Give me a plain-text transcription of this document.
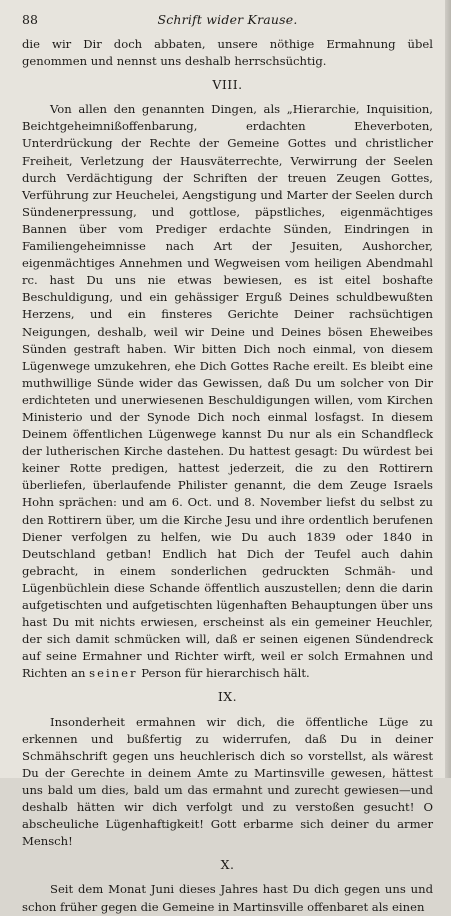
88	Schrift wider Krause.

die wir Dir doch abbaten, unsere nöthige Ermahnung übel genommen und nennst uns deshalb herrschsüchtig.

VIII.

Von allen den genannten Dingen, als „Hierarchie, Inquisition, Beichtgeheimnißoffenbarung, erdachten Eheverboten, Unterdrückung der Rechte der Gemeine Gottes und christlicher Freiheit, Verletzung der Hausväterrechte, Verwirrung der Seelen durch Verdächtigung der Schriften der treuen Zeugen Gottes, Verführung zur Heuchelei, Aengstigung und Marter der Seelen durch Sündenerpressung, und gottlose, päpstliches, eigenmächtiges Bannen über vom Prediger erdachte Sünden, Eindringen in Familiengeheimnisse nach Art der Jesuiten, Aushorcher, eigenmächtiges Annehmen und Wegweisen vom heiligen Abendmahl rc. hast Du uns nie etwas bewiesen, es ist eitel boshafte Beschuldigung, und ein gehässiger Erguß Deines schuldbewußten Herzens, und ein finsteres Gerichte Deiner rachsüchtigen Neigungen, deshalb, weil wir Deine und Deines bösen Eheweibes Sünden gestraft haben. Wir bitten Dich noch einmal, von diesem Lügenwege umzukehren, ehe Dich Gottes Rache ereilt. Es bleibt eine muthwillige Sünde wider das Gewissen, daß Du um solcher von Dir erdichteten und unerwiesenen Beschuldigungen willen, vom Kirchen Ministerio und der Synode Dich noch einmal losfagst. In diesem Deinem öffentlichen Lügenwege kannst Du nur als ein Schandfleck der lutherischen Kirche dastehen. Du hattest gesagt: Du würdest bei keiner Rotte predigen, hattest jederzeit, die zu den Rottirern überliefen, überlaufende Philister genannt, die dem Zeuge Israels Hohn sprächen: und am 6. Oct. und 8. November liefst du selbst zu den Rottirern über, um die Kirche Jesu und ihre ordentlich berufenen Diener verfolgen zu helfen, wie Du auch 1839 oder 1840 in Deutschland getban! Endlich hat Dich der Teufel auch dahin gebracht, in einem sonderlichen gedruckten Schmäh- und Lügenbüchlein diese Schande öffentlich auszustellen; denn die darin aufgetischten und aufgetischten lügenhaften Behauptungen über uns hast Du mit nichts erwiesen, erscheinst als ein gemeiner Heuchler, der sich damit schmücken will, daß er seinen eigenen Sündendreck auf seine Ermahner und Richter wirft, weil er solch Ermahnen und Richten an seiner Person für hierarchisch hält.

IX.

Insonderheit ermahnen wir dich, die öffentliche Lüge zu erkennen und bußfertig zu widerrufen, daß Du in deiner Schmähschrift gegen uns heuchlerisch dich so vorstellst, als wärest Du der Gerechte in deinem Amte zu Martinsville gewesen, hättest uns bald um dies, bald um das ermahnt und zurecht gewiesen—und deshalb hätten wir dich verfolgt und zu verstoßen gesucht! O abscheuliche Lügenhaftigkeit! Gott erbarme sich deiner du armer Mensch!

X.

Seit dem Monat Juni dieses Jahres hast Du dich gegen uns und schon früher gegen die Gemeine in Martinsville offenbaret als einen
